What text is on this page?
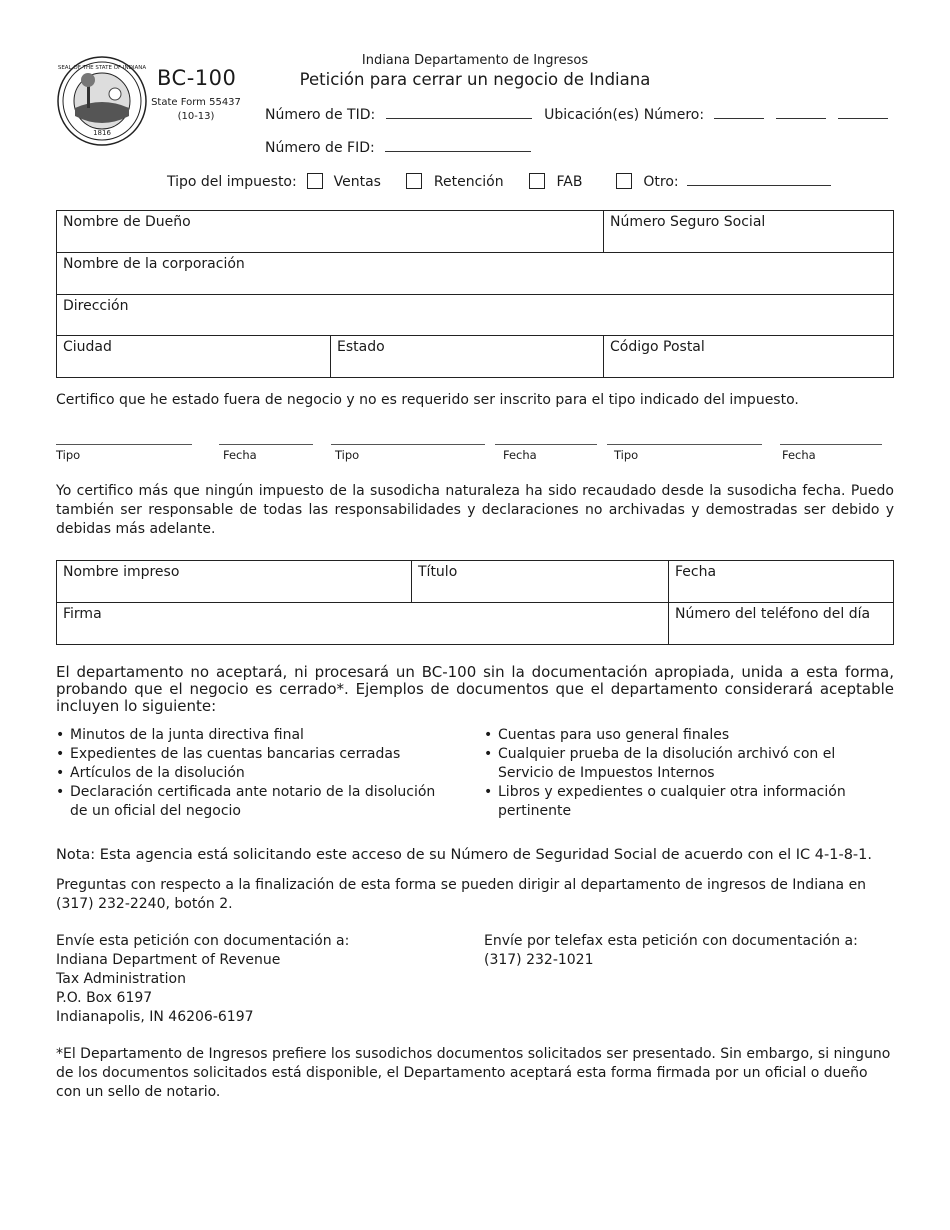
1816
SEAL OF THE STATE OF INDIANA BC-100
State Form 55437
(10-13)
Indiana Departamento de Ingresos
Petición para cerrar un negocio de Indiana
Número de TID:	Ubicación(es) Número:
Número de FID:
Tipo del impuesto:	Ventas	Retención	FAB	Otro:
Nombre de Dueño		Número Seguro Social
Nombre de la corporación		
Dirección		
Ciudad	Estado	Código Postal
Certifico que he estado fuera de negocio y no es requerido ser inscrito para el tipo indicado del impuesto.
Tipo	Fecha	Tipo	Fecha	Tipo	Fecha
Yo certifico más que ningún impuesto de la susodicha naturaleza ha sido recaudado desde la susodicha fecha. Puedo también ser responsable de todas las responsabilidades y declaraciones no archivadas y demostradas ser debido y debidas más adelante.
Nombre impreso	Título	Fecha
Firma		Número del teléfono del día
El departamento no aceptará, ni procesará un BC-100 sin la documentación apropiada, unida a esta forma, probando que el negocio es cerrado*. Ejemplos de documentos que el departamento considerará aceptable incluyen lo siguiente:
• Minutos de la junta directiva final
• Expedientes de las cuentas bancarias cerradas
• Artículos de la disolución
• Declaración certificada ante notario de la disolución de un oficial del negocio
• Cuentas para uso general finales
• Cualquier prueba de la disolución archivó con el Servicio de Impuestos Internos
• Libros y expedientes o cualquier otra información pertinente
Nota: Esta agencia está solicitando este acceso de su Número de Seguridad Social de acuerdo con el IC 4-1-8-1.
Preguntas con respecto a la finalización de esta forma se pueden dirigir al departamento de ingresos de Indiana en
(317) 232-2240, botón 2.
Envíe esta petición con documentación a:
Indiana Department of Revenue
Tax Administration
P.O. Box 6197
Indianapolis, IN 46206-6197
Envíe por telefax esta petición con documentación a:
(317) 232-1021
*El Departamento de Ingresos prefiere los susodichos documentos solicitados ser presentado. Sin embargo, si ninguno de los documentos solicitados está disponible, el Departamento aceptará esta forma firmada por un oficial o dueño con un sello de notario.
